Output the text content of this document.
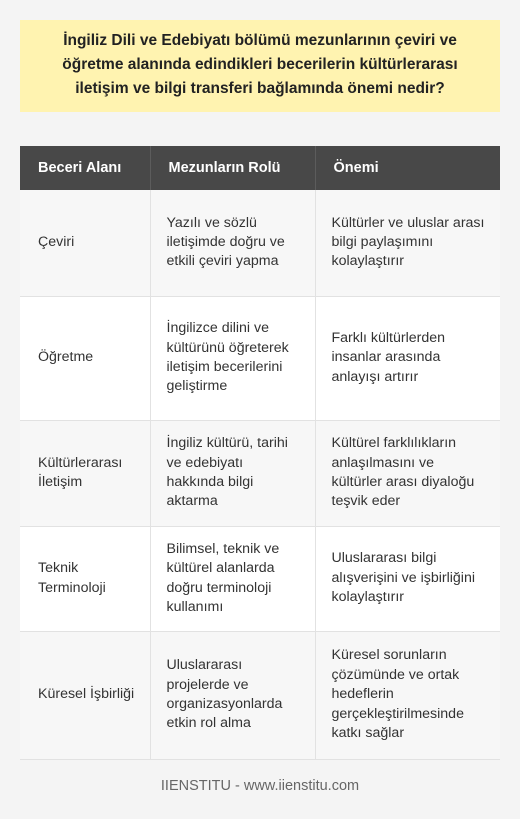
İngiliz Dili ve Edebiyatı bölümü mezunlarının çeviri ve öğretme alanında edindikleri becerilerin kültürlerarası iletişim ve bilgi transferi bağlamında önemi nedir?
Beceri Alanı	Mezunların Rolü	Önemi
Çeviri	Yazılı ve sözlü iletişimde doğru ve etkili çeviri yapma	Kültürler ve uluslar arası bilgi paylaşımını kolaylaştırır
Öğretme	İngilizce dilini ve kültürünü öğreterek iletişim becerilerini geliştirme	Farklı kültürlerden insanlar arasında anlayışı artırır
Kültürlerarası İletişim	İngiliz kültürü, tarihi ve edebiyatı hakkında bilgi aktarma	Kültürel farklılıkların anlaşılmasını ve kültürler arası diyaloğu teşvik eder
Teknik Terminoloji	Bilimsel, teknik ve kültürel alanlarda doğru terminoloji kullanımı	Uluslararası bilgi alışverişini ve işbirliğini kolaylaştırır
Küresel İşbirliği	Uluslararası projelerde ve organizasyonlarda etkin rol alma	Küresel sorunların çözümünde ve ortak hedeflerin gerçekleştirilmesinde katkı sağlar
IIENSTITU - www.iienstitu.com
